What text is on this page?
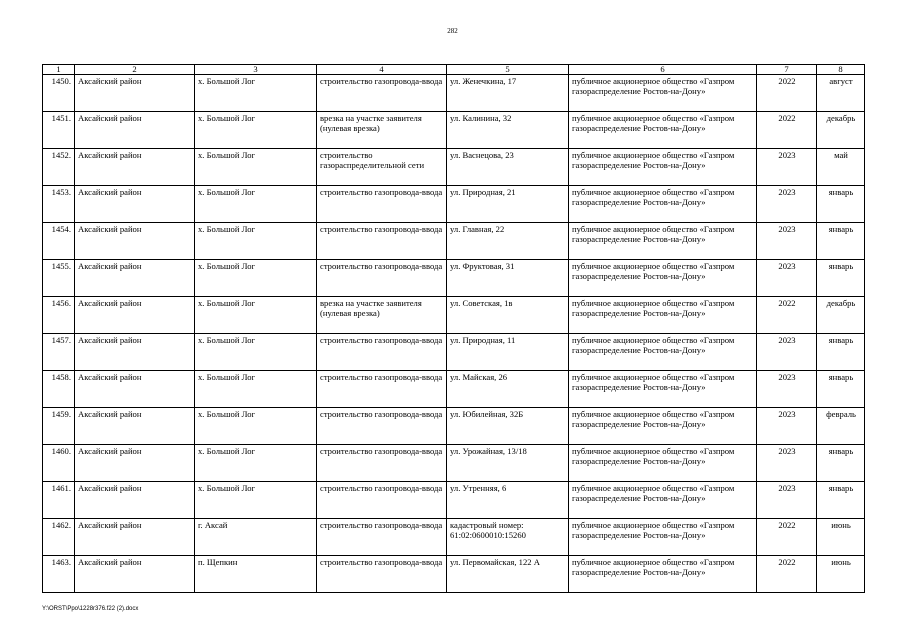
282
1	2	3	4	5	6	7	8
1450.	Аксайский район	х. Большой Лог	строительство газопровода-ввода	ул. Женечкина, 17	публичное акционерное общество «Газпром газораспределение Ростов-на-Дону»	2022	август
1451.	Аксайский район	х. Большой Лог	врезка на участке заявителя (нулевая врезка)	ул. Калинина, 32	публичное акционерное общество «Газпром газораспределение Ростов-на-Дону»	2022	декабрь
1452.	Аксайский район	х. Большой Лог	строительство газораспределительной сети	ул. Васнецова, 23	публичное акционерное общество «Газпром газораспределение Ростов-на-Дону»	2023	май
1453.	Аксайский район	х. Большой Лог	строительство газопровода-ввода	ул. Природная, 21	публичное акционерное общество «Газпром газораспределение Ростов-на-Дону»	2023	январь
1454.	Аксайский район	х. Большой Лог	строительство газопровода-ввода	ул. Главная, 22	публичное акционерное общество «Газпром газораспределение Ростов-на-Дону»	2023	январь
1455.	Аксайский район	х. Большой Лог	строительство газопровода-ввода	ул. Фруктовая, 31	публичное акционерное общество «Газпром газораспределение Ростов-на-Дону»	2023	январь
1456.	Аксайский район	х. Большой Лог	врезка на участке заявителя (нулевая врезка)	ул. Советская, 1в	публичное акционерное общество «Газпром газораспределение Ростов-на-Дону»	2022	декабрь
1457.	Аксайский район	х. Большой Лог	строительство газопровода-ввода	ул. Природная, 11	публичное акционерное общество «Газпром газораспределение Ростов-на-Дону»	2023	январь
1458.	Аксайский район	х. Большой Лог	строительство газопровода-ввода	ул. Майская, 26	публичное акционерное общество «Газпром газораспределение Ростов-на-Дону»	2023	январь
1459.	Аксайский район	х. Большой Лог	строительство газопровода-ввода	ул. Юбилейная, 32Б	публичное акционерное общество «Газпром газораспределение Ростов-на-Дону»	2023	февраль
1460.	Аксайский район	х. Большой Лог	строительство газопровода-ввода	ул. Урожайная, 13/18	публичное акционерное общество «Газпром газораспределение Ростов-на-Дону»	2023	январь
1461.	Аксайский район	х. Большой Лог	строительство газопровода-ввода	ул. Утренняя, 6	публичное акционерное общество «Газпром газораспределение Ростов-на-Дону»	2023	январь
1462.	Аксайский район	г. Аксай	строительство газопровода-ввода	кадастровый номер: 61:02:0600010:15260	публичное акционерное общество «Газпром газораспределение Ростов-на-Дону»	2022	июнь
1463.	Аксайский район	п. Щепкин	строительство газопровода-ввода	ул. Первомайская, 122 А	публичное акционерное общество «Газпром газораспределение Ростов-на-Дону»	2022	июнь
Y:\ORST\Ppo\1228r376.f22 (2).docx
